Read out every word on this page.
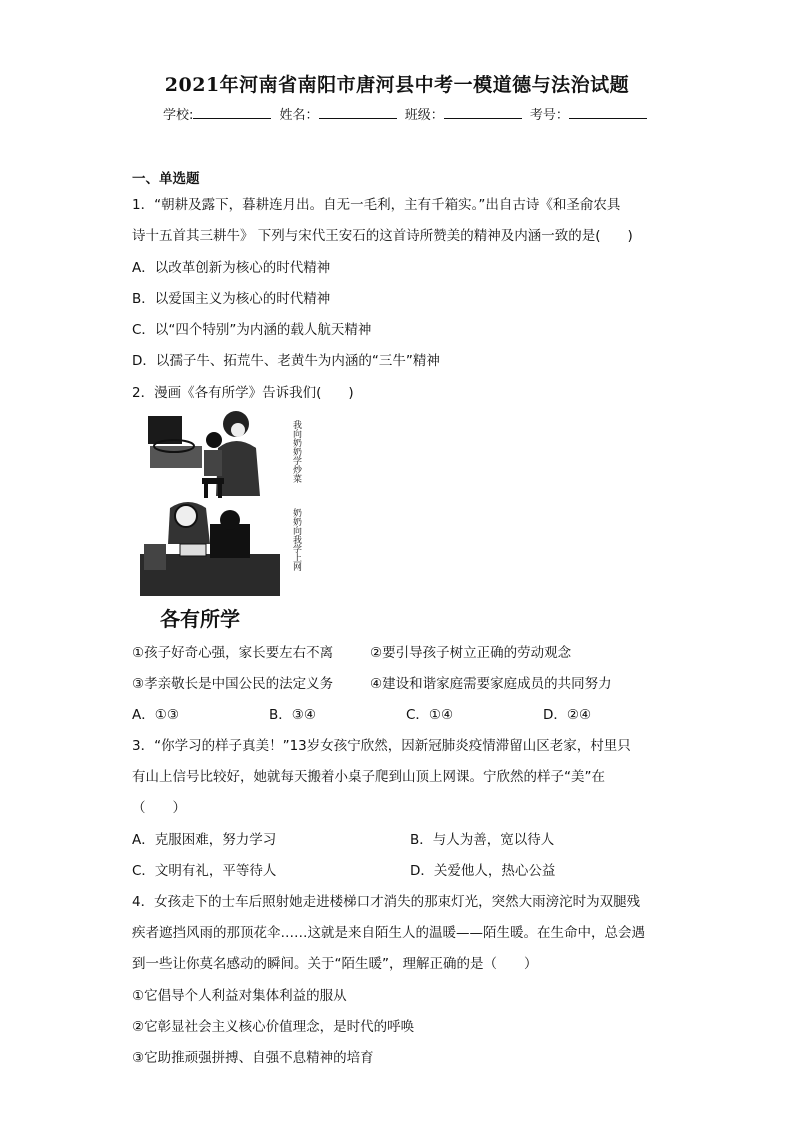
2021年河南省南阳市唐河县中考一模道德与法治试题
学校:	姓名：	班级：	考号：
一、单选题
1．“朝耕及露下，暮耕连月出。自无一毛利，主有千箱实。”出自古诗《和圣俞农具
诗十五首其三耕牛》 下列与宋代王安石的这首诗所赞美的精神及内涵一致的是(　　)
A．以改革创新为核心的时代精神
B．以爱国主义为核心的时代精神
C．以“四个特别”为内涵的载人航天精神
D．以孺子牛、拓荒牛、老黄牛为内涵的“三牛”精神
2．漫画《各有所学》告诉我们(　　)
我向奶奶学炒菜
奶奶向我学上网
各有所学
①孩子好奇心强，家长要左右不离	②要引导孩子树立正确的劳动观念
③孝亲敬长是中国公民的法定义务	④建设和谐家庭需要家庭成员的共同努力
A．①③	B．③④	C．①④	D．②④
3．“你学习的样子真美！”13岁女孩宁欣然，因新冠肺炎疫情滞留山区老家，村里只
有山上信号比较好，她就每天搬着小桌子爬到山顶上网课。宁欣然的样子“美”在
（　　）
A．克服困难，努力学习	B．与人为善，宽以待人
C．文明有礼，平等待人	D．关爱他人，热心公益
4．女孩走下的士车后照射她走进楼梯口才消失的那束灯光，突然大雨滂沱时为双腿残
疾者遮挡风雨的那顶花伞……这就是来自陌生人的温暖——陌生暖。在生命中，总会遇
到一些让你莫名感动的瞬间。关于“陌生暖”，理解正确的是（　　）
①它倡导个人利益对集体利益的服从
②它彰显社会主义核心价值理念，是时代的呼唤
③它助推顽强拼搏、自强不息精神的培育
